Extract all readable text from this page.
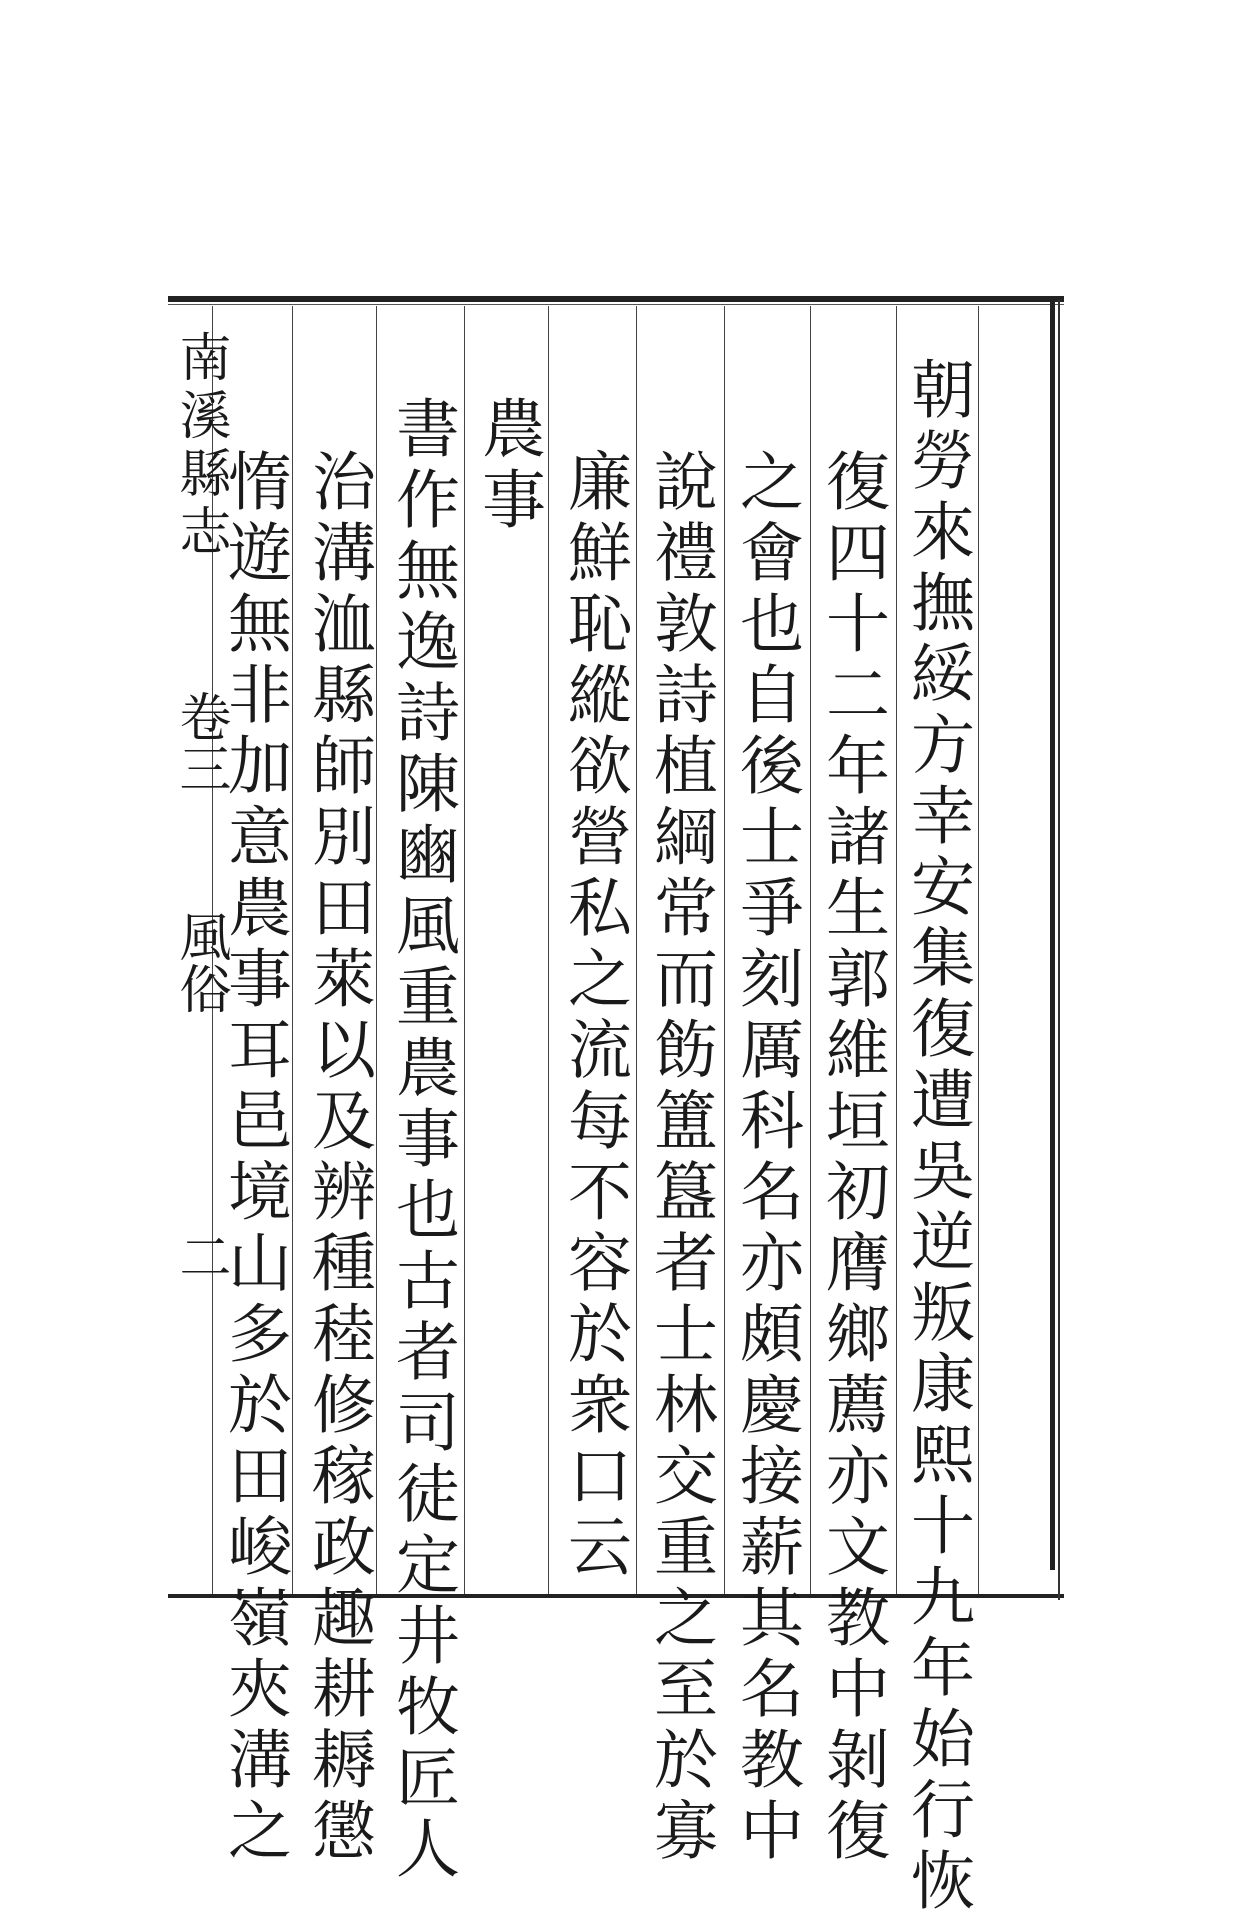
南溪縣志
卷三
風俗
二	朝勞來撫綏方幸安集復遭吳逆叛康熙十九年始行恢
復四十二年諸生郭維垣初膺鄉薦亦文教中剝復
之會也自後士爭刻厲科名亦頗慶接薪其名教中
說禮敦詩植綱常而飭簠簋者士林交重之至於寡
廉鮮恥縱欲營私之流每不容於衆口云
農事
書作無逸詩陳豳風重農事也古者司徒定井牧匠人
治溝洫縣師別田萊以及辨種稑修稼政趣耕耨懲
惰遊無非加意農事耳邑境山多於田峻嶺夾溝之
